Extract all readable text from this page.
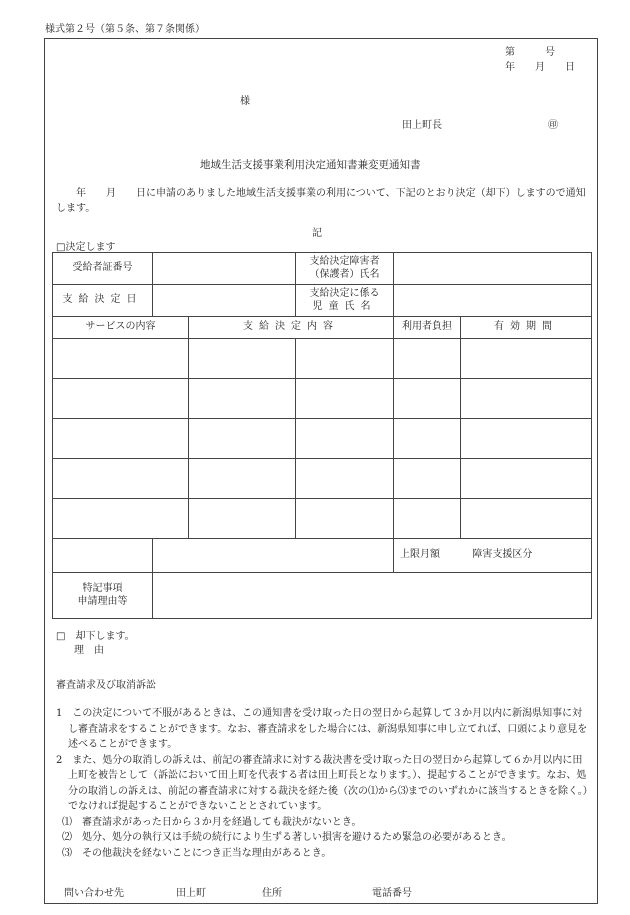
様式第２号（第５条、第７条関係）
第　　　号
年　　月　　日
様
田上町長	㊞
地域生活支援事業利用決定通知書兼変更通知書
　　年　　月　　日に申請のありました地域生活支援事業の利用について、下記のとおり決定（却下）しますので通知します。
記
□決定します
受給者証番号			支給決定障害者
（保護者）氏名		

支給決定日			支給決定に係る
児童氏名		

サービスの内容		支給決定内容		利用者負担	有効期間

				上限月額 障害支援区分	

特記事項
申請理由等					

□　却下します。
理　由
審査請求及び取消訴訟

1　この決定について不服があるときは、この通知書を受け取った日の翌日から起算して３か月以内に新潟県知事に対し審査請求をすることができます。なお、審査請求をした場合には、新潟県知事に申し立てれば、口頭により意見を述べることができます。

2　また、処分の取消しの訴えは、前記の審査請求に対する裁決書を受け取った日の翌日から起算して６か月以内に田上町を被告として（訴訟において田上町を代表する者は田上町長となります。）、提起することができます。なお、処分の取消しの訴えは、前記の審査請求に対する裁決を経た後（次の⑴から⑶までのいずれかに該当するときを除く。）でなければ提起することができないこととされています。

⑴　審査請求があった日から３か月を経過しても裁決がないとき。

⑵　処分、処分の執行又は手続の続行により生ずる著しい損害を避けるため緊急の必要があるとき。

⑶　その他裁決を経ないことにつき正当な理由があるとき。

問い合わせ先	田上町	住所	電話番号
